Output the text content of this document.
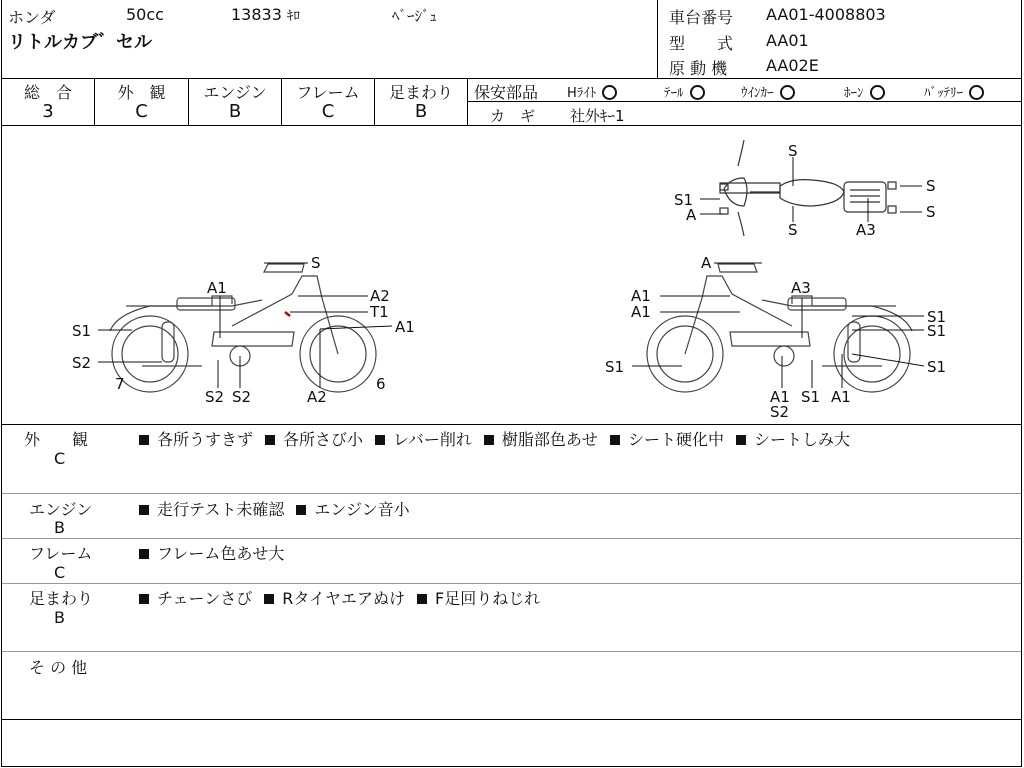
ホンダ	50cc	13833 ｷﾛ	ﾍﾞｰｼﾞｭ
リトルカブ゛セル
車台番号 AA01-4008803
型　　式 AA01
原 動 機 AA02E
総　合
3
外　観
C
エンジン
B
フレーム
C
足まわり
B
保安部品 Hﾗｲﾄ	ﾃｰﾙ	ｳｲﾝｶｰ	ﾎｰﾝ	ﾊﾞｯﾃﾘｰ
カ　ギ 社外ｷｰ1
S
S1
A
S
S
S
A3
S
A1	A2
T1
A1
S1
S2
7
S2 S2	A2
6
A
A1
A1
A3
S1
S1
S1	S1
A1
S2
S1 A1
外　　観
C
各所うすきず 各所さび小 レバー削れ 樹脂部色あせ シート硬化中 シートしみ大
エンジン
B
走行テスト未確認 エンジン音小
フレーム
C
フレーム色あせ大
足まわり
B
チェーンさび Rタイヤエアぬけ F足回りねじれ
そ の 他
